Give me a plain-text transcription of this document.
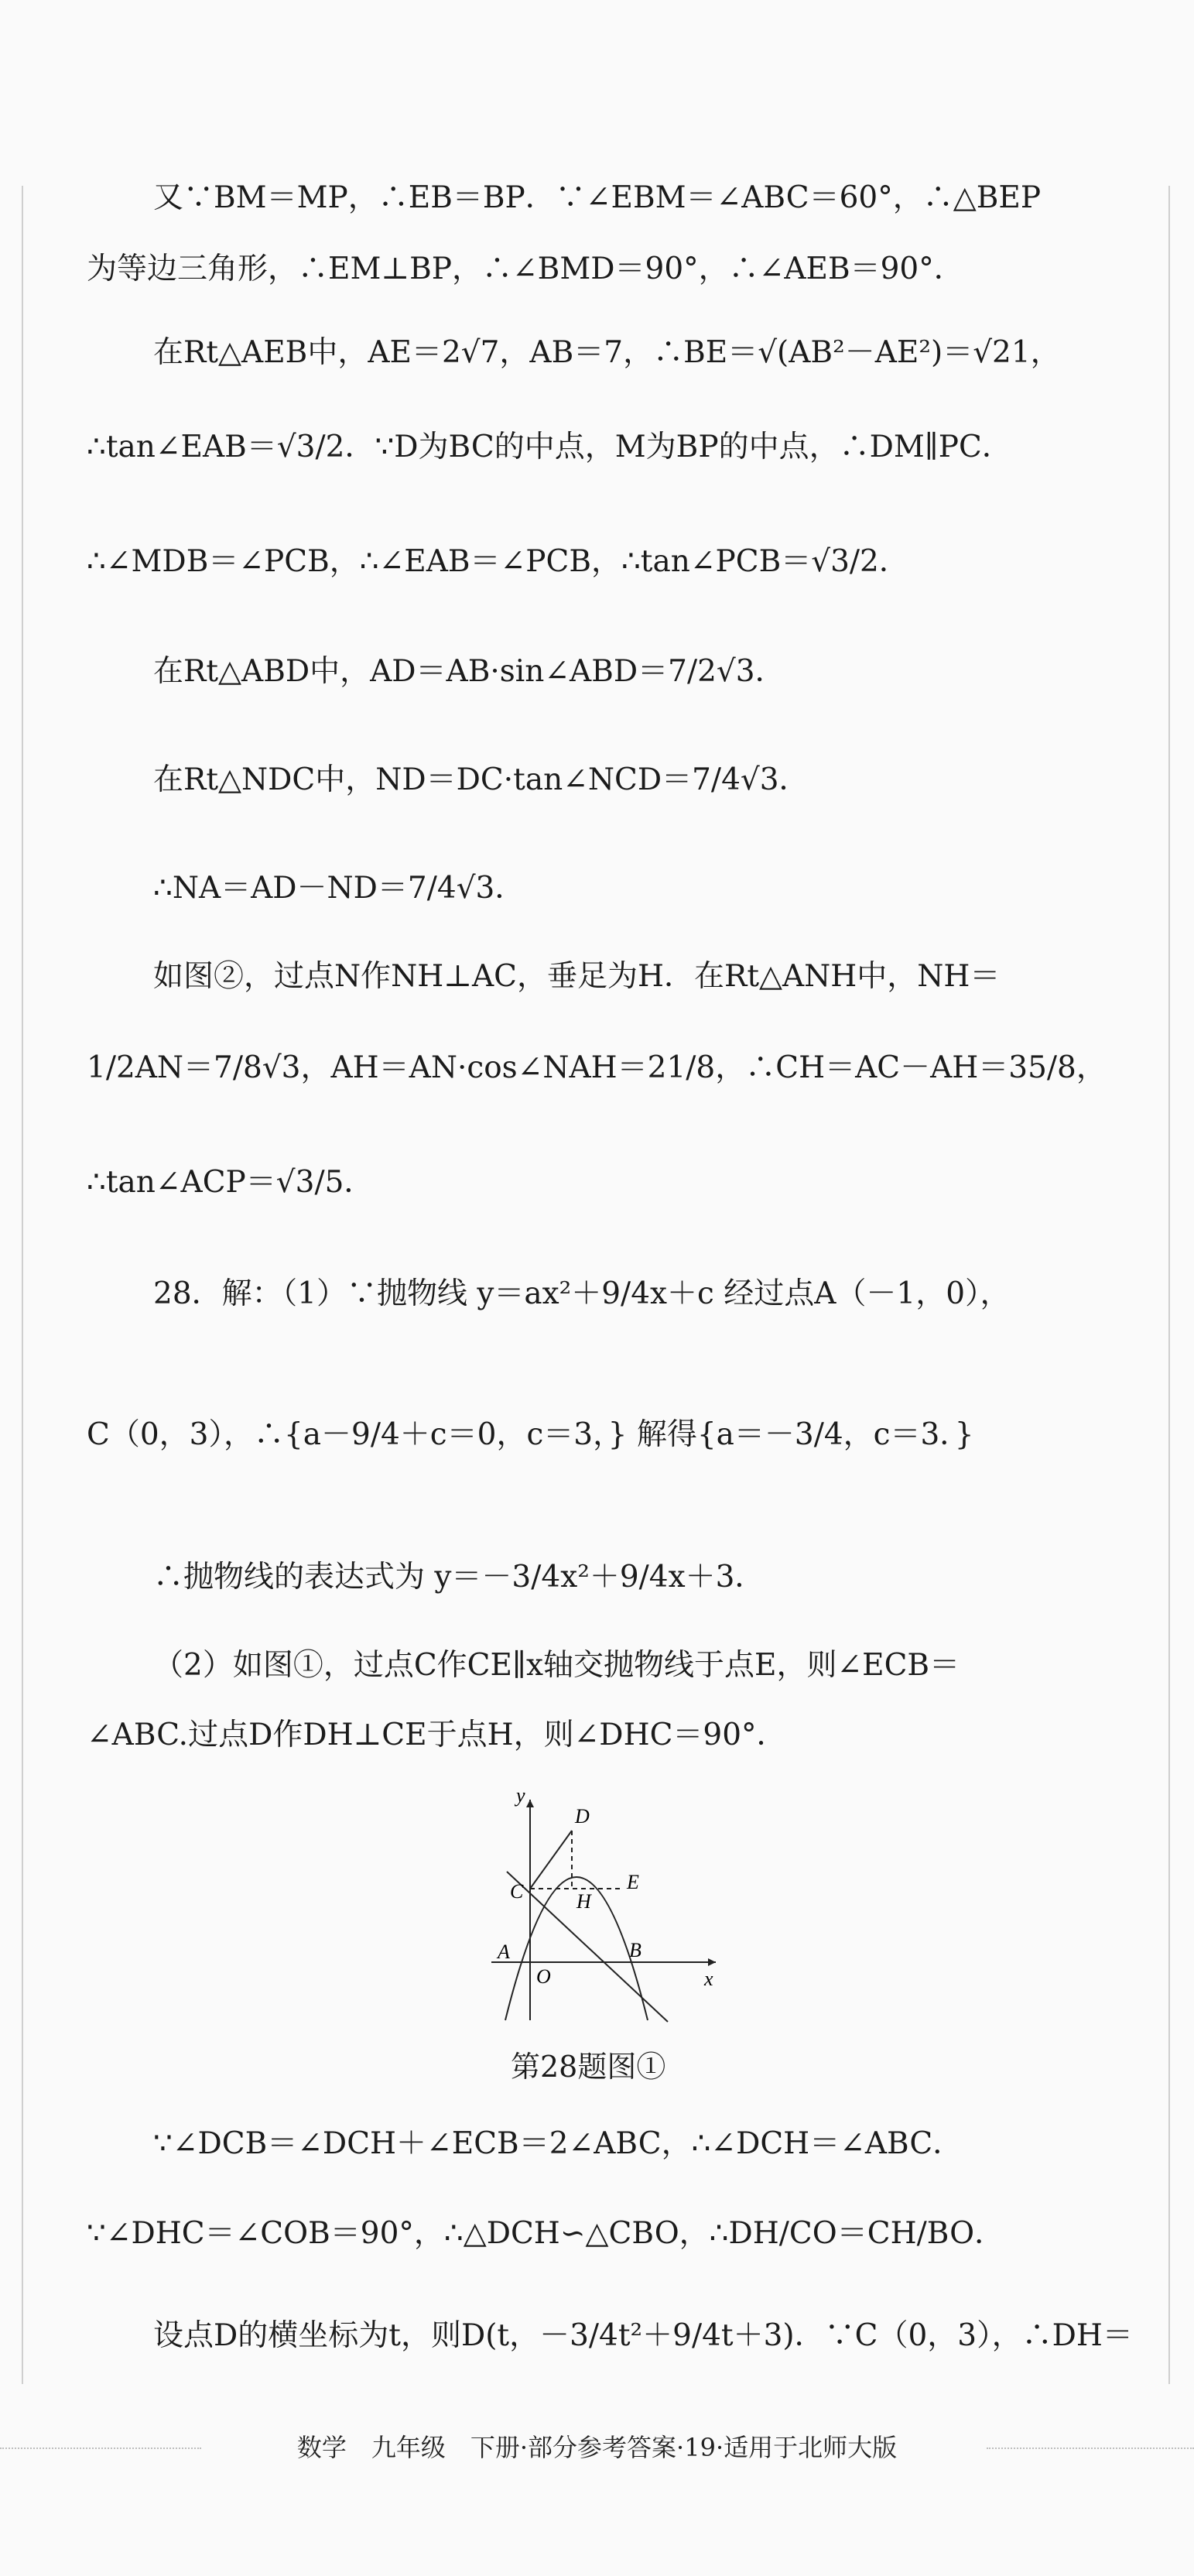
又∵BM＝MP，∴EB＝BP．∵∠EBM＝∠ABC＝60°，∴△BEP
为等边三角形，∴EM⊥BP，∴∠BMD＝90°，∴∠AEB＝90°．
在Rt△AEB中，AE＝2√7，AB＝7，∴BE＝√(AB²－AE²)＝√21，
∴tan∠EAB＝√3/2．∵D为BC的中点，M为BP的中点，∴DM∥PC．
∴∠MDB＝∠PCB，∴∠EAB＝∠PCB，∴tan∠PCB＝√3/2．
在Rt△ABD中，AD＝AB·sin∠ABD＝7/2√3．
在Rt△NDC中，ND＝DC·tan∠NCD＝7/4√3．
∴NA＝AD－ND＝7/4√3．
如图②，过点N作NH⊥AC，垂足为H．在Rt△ANH中，NH＝
1/2AN＝7/8√3，AH＝AN·cos∠NAH＝21/8，∴CH＝AC－AH＝35/8，
∴tan∠ACP＝√3/5．
28．解：（1）∵抛物线 y＝ax²＋9/4x＋c 经过点A（－1，0），
C（0，3），∴{a－9/4＋c＝0，c＝3，} 解得{a＝－3/4，c＝3．}
∴抛物线的表达式为 y＝－3/4x²＋9/4x＋3．
（2）如图①，过点C作CE∥x轴交抛物线于点E，则∠ECB＝
∠ABC.过点D作DH⊥CE于点H，则∠DHC＝90°．
y
x
D
C	E
H
A
O
B
第28题图①
∵∠DCB＝∠DCH＋∠ECB＝2∠ABC，∴∠DCH＝∠ABC．
∵∠DHC＝∠COB＝90°，∴△DCH∽△CBO，∴DH/CO＝CH/BO．
设点D的横坐标为t，则D(t，－3/4t²＋9/4t＋3)．∵C（0，3），∴DH＝
数学　九年级　下册·部分参考答案·19·适用于北师大版
